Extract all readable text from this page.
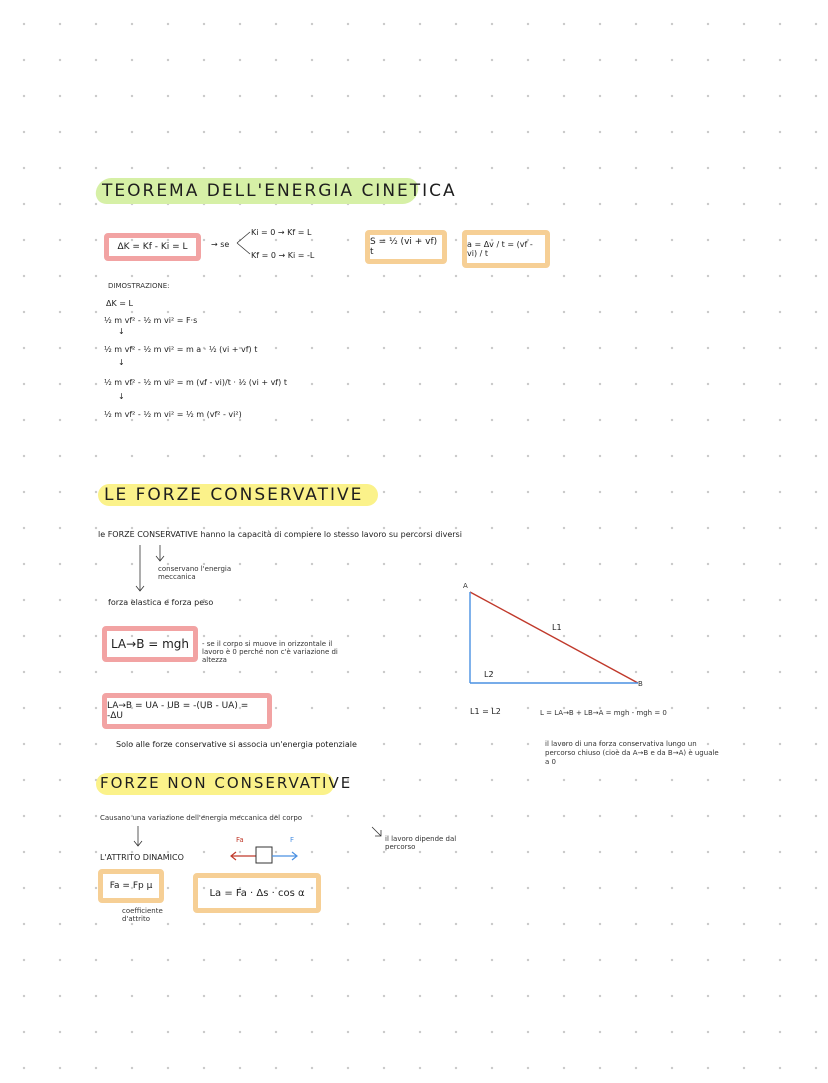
TEOREMA DELL'ENERGIA CINETICA
ΔK = Kf - Ki = L	→ se
Ki = 0 → Kf = L
Kf = 0 → Ki = -L
S = ½ (vi + vf) t
a = Δv / t = (vf - vi) / t
DIMOSTRAZIONE:
ΔK = L
½ m vf² - ½ m vi² = F·s
↓
½ m vf² - ½ m vi² = m a · ½ (vi + vf) t
↓
½ m vf² - ½ m vi² = m (vf - vi)/t · ½ (vi + vf) t
↓
½ m vf² - ½ m vi² = ½ m (vf² - vi²)
LE FORZE CONSERVATIVE
le FORZE CONSERVATIVE hanno la capacità di compiere lo stesso lavoro su percorsi diversi
conservano l'energia meccanica
forza elastica e forza peso
LA→B = mgh - se il corpo si muove in orizzontale il lavoro è 0 perché non c'è variazione di altezza
LA→B = UA - UB = -(UB - UA) = -ΔU
Solo alle forze conservative si associa un'energia potenziale
A
B
L1
L2
L1 = L2	L = LA→B + LB→A = mgh - mgh = 0
il lavoro di una forza conservativa lungo un percorso chiuso (cioè da A→B e da B→A) è uguale a 0
FORZE NON CONSERVATIVE
Causano una variazione dell'energia meccanica del corpo
il lavoro dipende dal percorso
L'ATTRITO DINAMICO
Fa	F
Fa = Fp μ
coefficiente d'attrito
La = Fa · Δs · cos α
